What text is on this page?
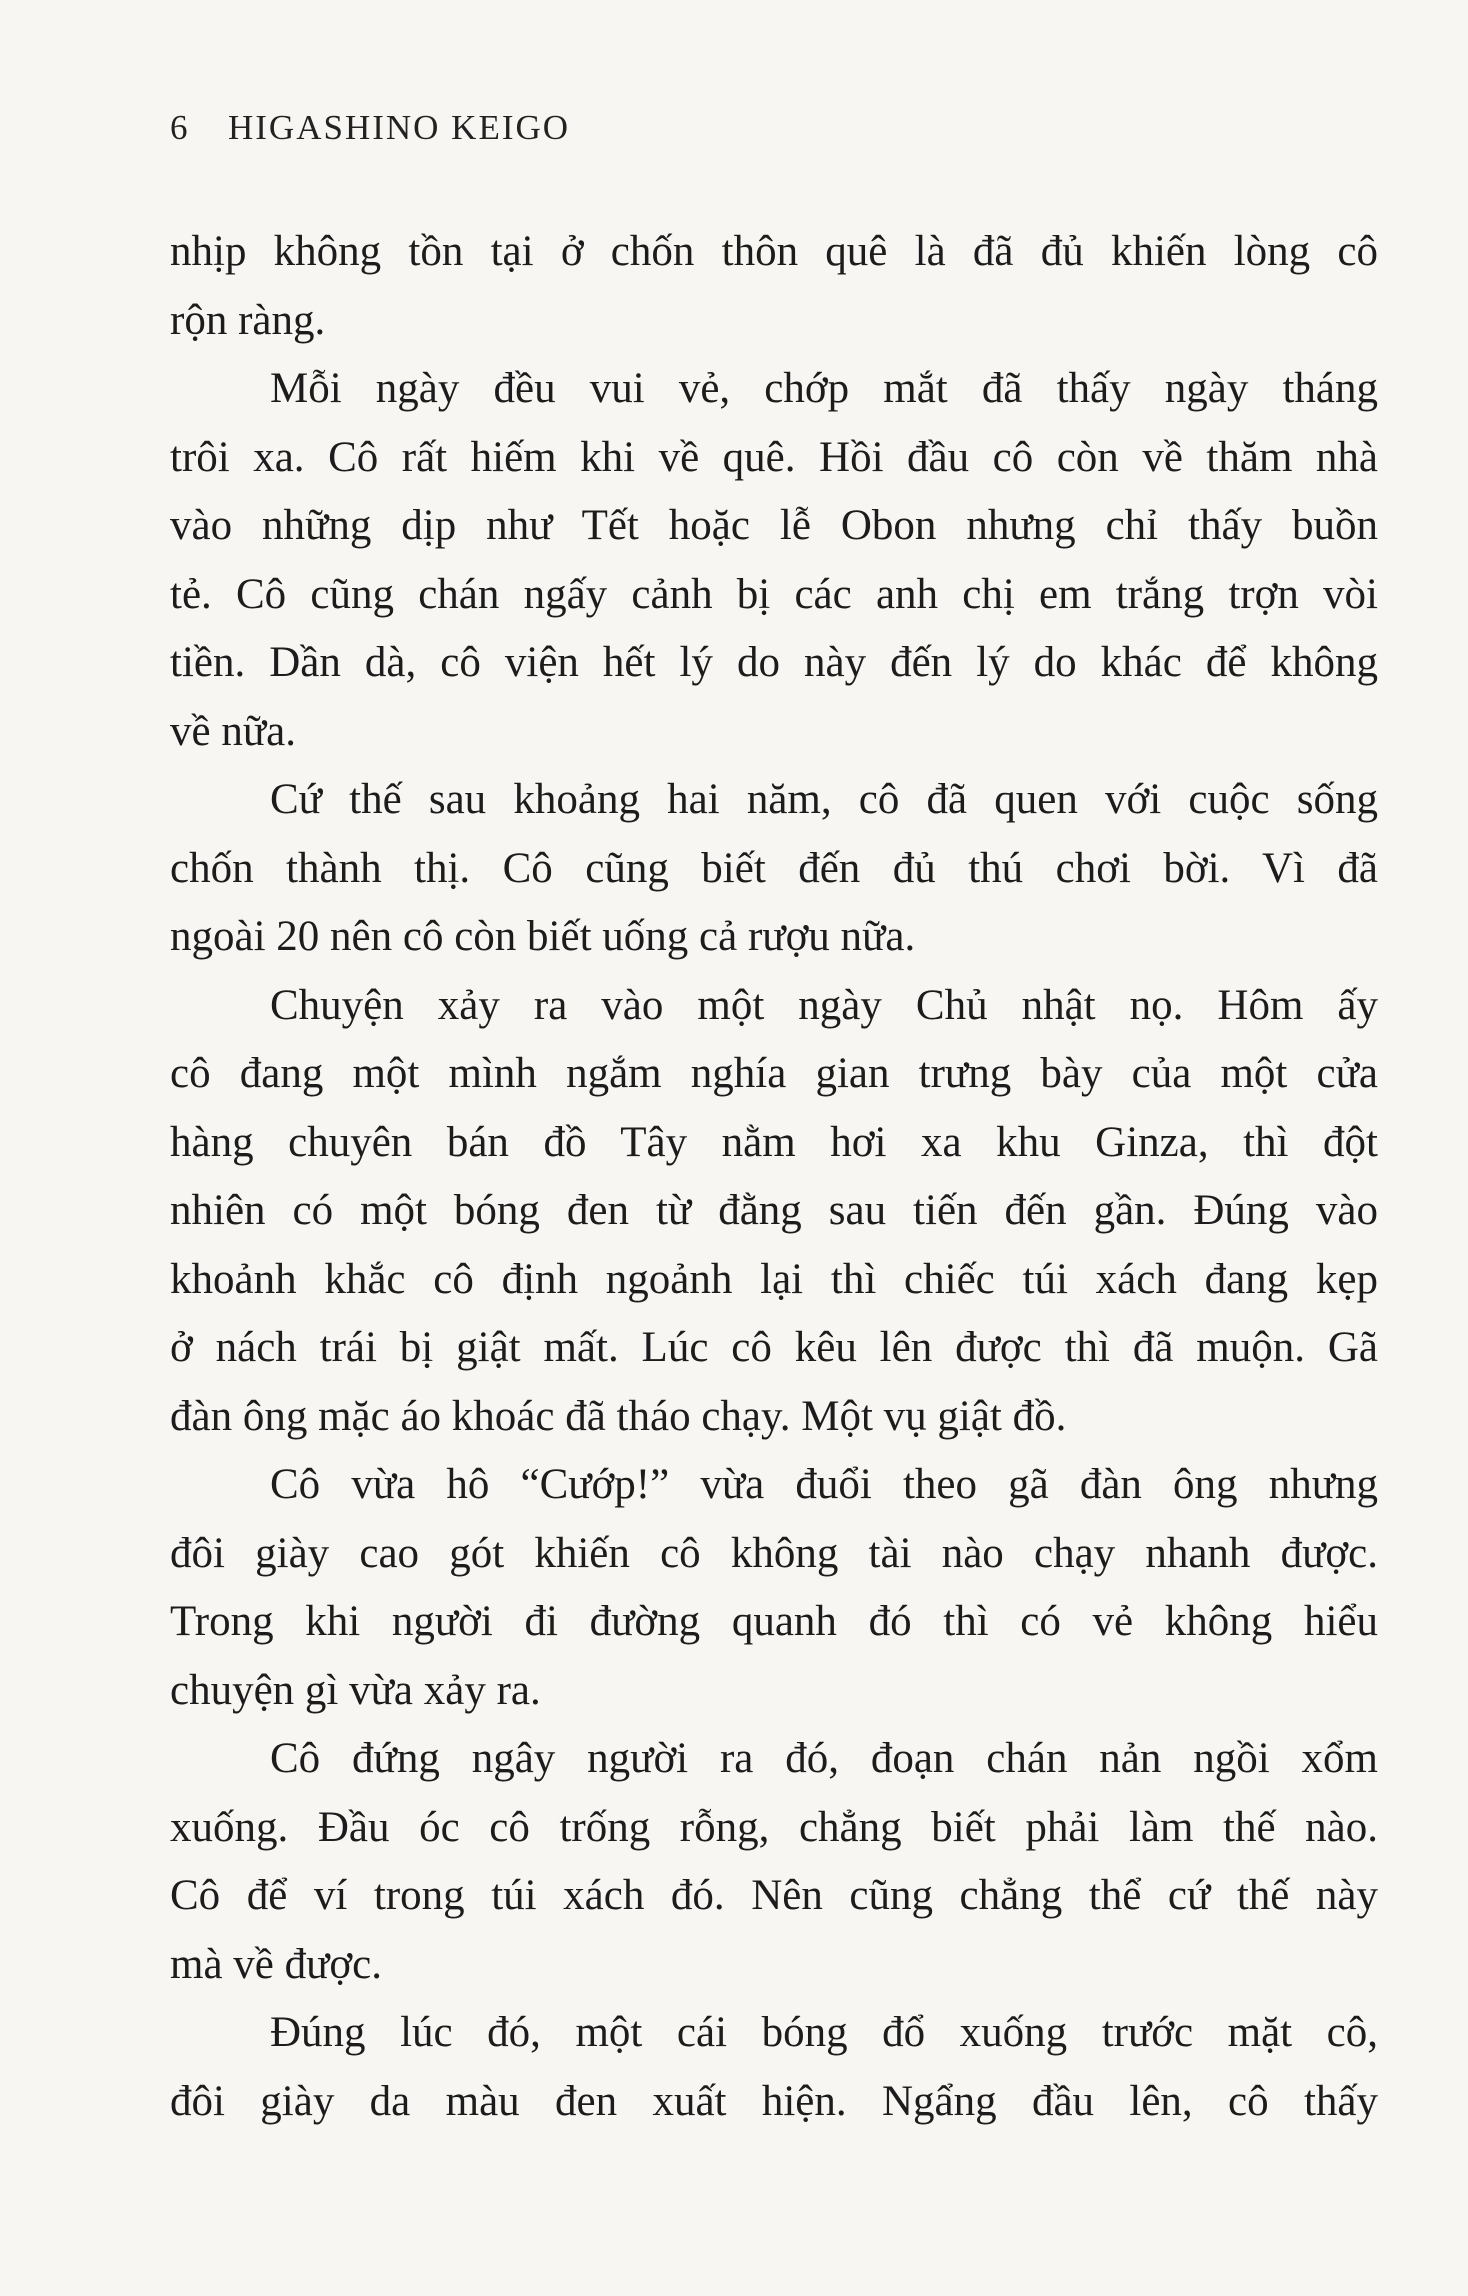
6 HIGASHINO KEIGO
nhịp không tồn tại ở chốn thôn quê là đã đủ khiến lòng cô
rộn ràng.
Mỗi ngày đều vui vẻ, chớp mắt đã thấy ngày tháng
trôi xa. Cô rất hiếm khi về quê. Hồi đầu cô còn về thăm nhà
vào những dịp như Tết hoặc lễ Obon nhưng chỉ thấy buồn
tẻ. Cô cũng chán ngấy cảnh bị các anh chị em trắng trợn vòi
tiền. Dần dà, cô viện hết lý do này đến lý do khác để không
về nữa.
Cứ thế sau khoảng hai năm, cô đã quen với cuộc sống
chốn thành thị. Cô cũng biết đến đủ thú chơi bời. Vì đã
ngoài 20 nên cô còn biết uống cả rượu nữa.
Chuyện xảy ra vào một ngày Chủ nhật nọ. Hôm ấy
cô đang một mình ngắm nghía gian trưng bày của một cửa
hàng chuyên bán đồ Tây nằm hơi xa khu Ginza, thì đột
nhiên có một bóng đen từ đằng sau tiến đến gần. Đúng vào
khoảnh khắc cô định ngoảnh lại thì chiếc túi xách đang kẹp
ở nách trái bị giật mất. Lúc cô kêu lên được thì đã muộn. Gã
đàn ông mặc áo khoác đã tháo chạy. Một vụ giật đồ.
Cô vừa hô “Cướp!” vừa đuổi theo gã đàn ông nhưng
đôi giày cao gót khiến cô không tài nào chạy nhanh được.
Trong khi người đi đường quanh đó thì có vẻ không hiểu
chuyện gì vừa xảy ra.
Cô đứng ngây người ra đó, đoạn chán nản ngồi xổm
xuống. Đầu óc cô trống rỗng, chẳng biết phải làm thế nào.
Cô để ví trong túi xách đó. Nên cũng chẳng thể cứ thế này
mà về được.
Đúng lúc đó, một cái bóng đổ xuống trước mặt cô,
đôi giày da màu đen xuất hiện. Ngẩng đầu lên, cô thấy
